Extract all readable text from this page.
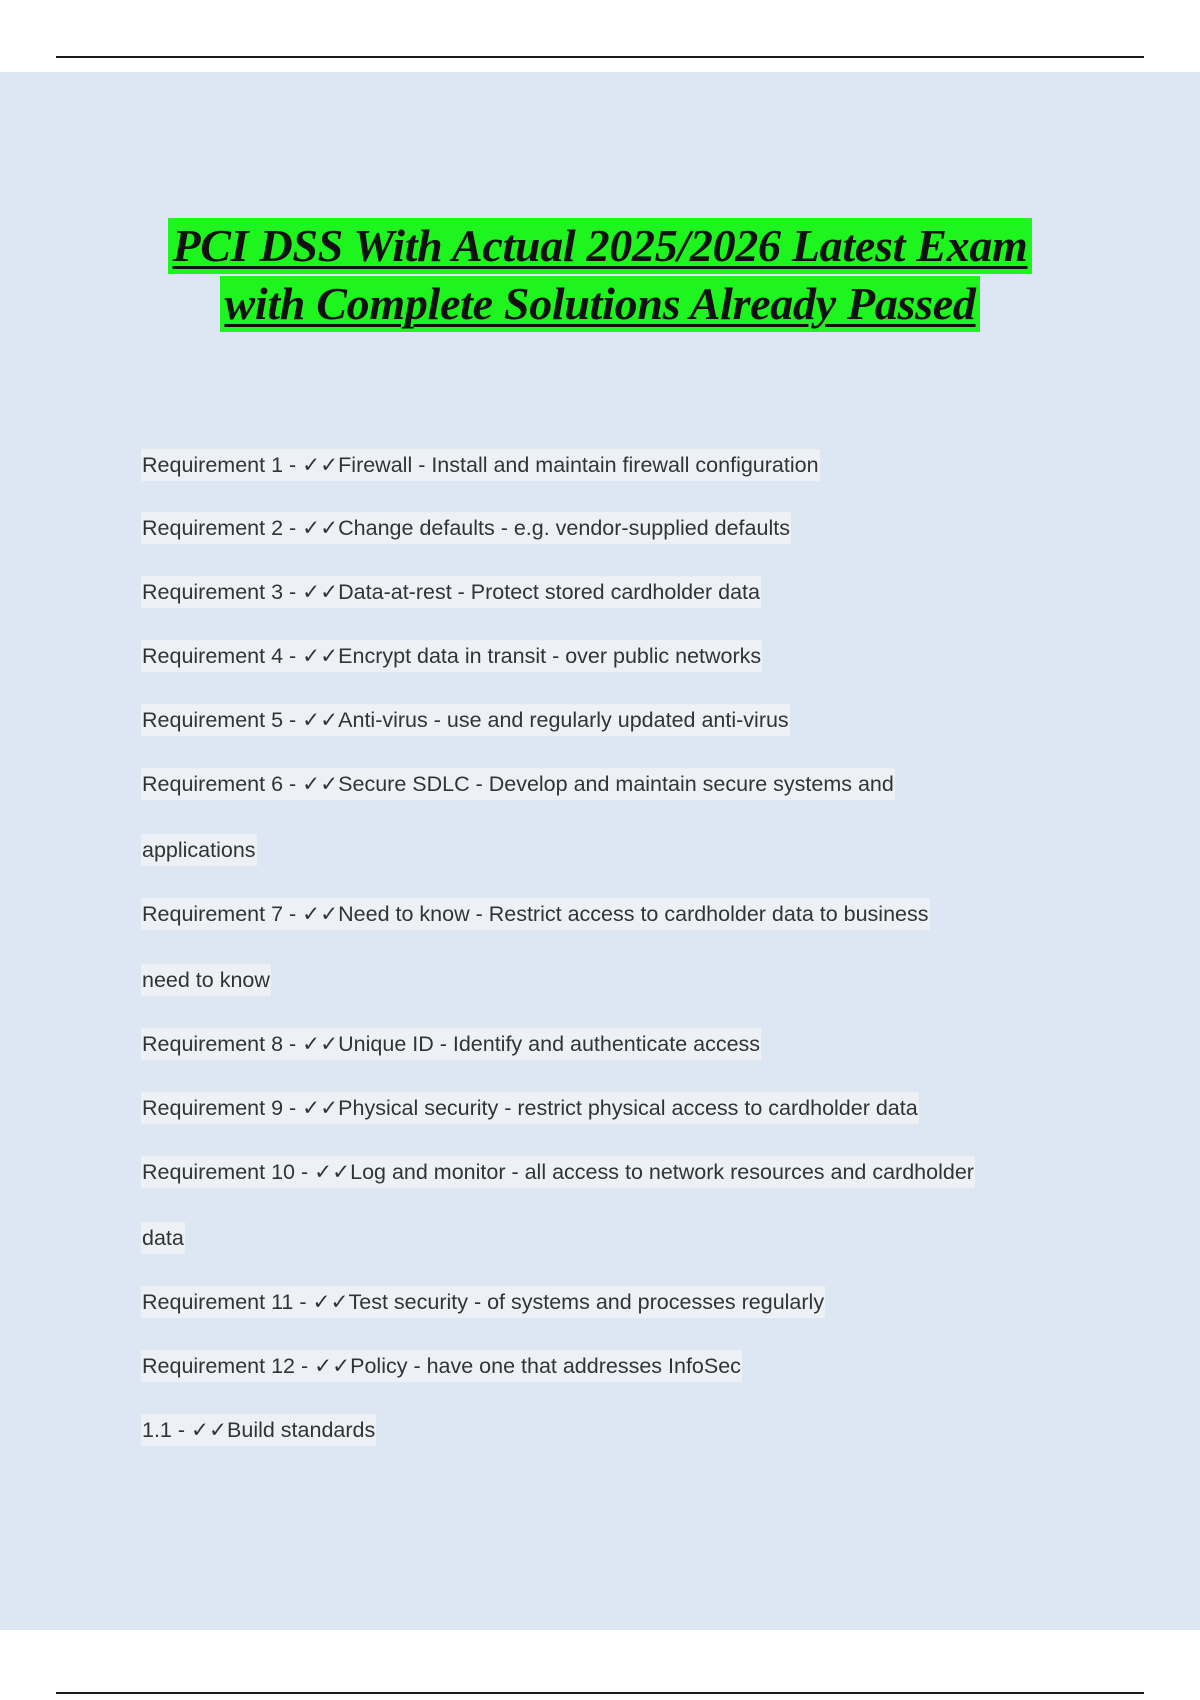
PCI DSS With Actual 2025/2026 Latest Exam
with Complete Solutions Already Passed
Requirement 1 - ✓✓Firewall - Install and maintain firewall configuration
Requirement 2 - ✓✓Change defaults - e.g. vendor-supplied defaults
Requirement 3 - ✓✓Data-at-rest - Protect stored cardholder data
Requirement 4 - ✓✓Encrypt data in transit - over public networks
Requirement 5 - ✓✓Anti-virus - use and regularly updated anti-virus
Requirement 6 - ✓✓Secure SDLC - Develop and maintain secure systems and
applications
Requirement 7 - ✓✓Need to know - Restrict access to cardholder data to business
need to know
Requirement 8 - ✓✓Unique ID - Identify and authenticate access
Requirement 9 - ✓✓Physical security - restrict physical access to cardholder data
Requirement 10 - ✓✓Log and monitor - all access to network resources and cardholder
data
Requirement 11 - ✓✓Test security - of systems and processes regularly
Requirement 12 - ✓✓Policy - have one that addresses InfoSec
1.1 - ✓✓Build standards
